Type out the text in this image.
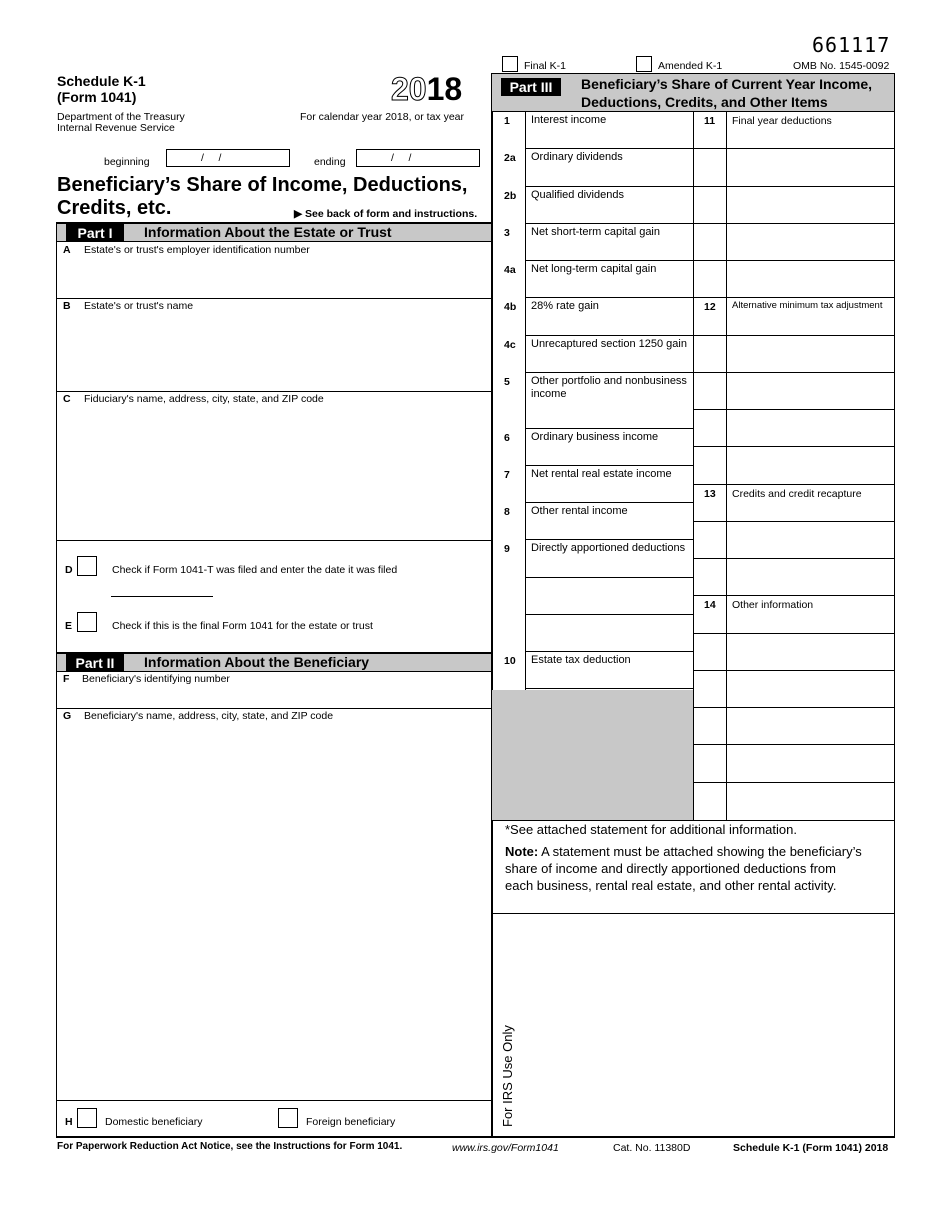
661117
Final K-1	Amended K-1	OMB No. 1545-0092
Schedule K-1
(Form 1041)	2018
Department of the Treasury
Internal Revenue Service
For calendar year 2018, or tax year
beginning	/     /	ending	/     /
Beneficiary’s Share of Income, Deductions,
Credits, etc.	▶ See back of form and instructions.
Part I	Information About the Estate or Trust
A Estate's or trust's employer identification number
B Estate's or trust's name
C Fiduciary's name, address, city, state, and ZIP code
D	Check if Form 1041-T was filed and enter the date it was filed
E	Check if this is the final Form 1041 for the estate or trust
Part II	Information About the Beneficiary
F Beneficiary's identifying number
G Beneficiary's name, address, city, state, and ZIP code
H	Domestic beneficiary	Foreign beneficiary
Part III	Beneficiary’s Share of Current Year Income,
Deductions, Credits, and Other Items
1 Interest income
2a Ordinary dividends
2b Qualified dividends
3 Net short-term capital gain
4a Net long-term capital gain
4b 28% rate gain
4c Unrecaptured section 1250 gain
5 Other portfolio and nonbusiness income
6 Ordinary business income
7 Net rental real estate income
8 Other rental income
9 Directly apportioned deductions
10 Estate tax deduction
11 Final year deductions
12 Alternative minimum tax adjustment
13 Credits and credit recapture
14 Other information
*See attached statement for additional information.
Note: A statement must be attached showing the beneficiary’s share of income and directly apportioned deductions from each business, rental real estate, and other rental activity.
For IRS Use Only
For Paperwork Reduction Act Notice, see the Instructions for Form 1041.	www.irs.gov/Form1041	Cat. No. 11380D	Schedule K-1 (Form 1041) 2018
